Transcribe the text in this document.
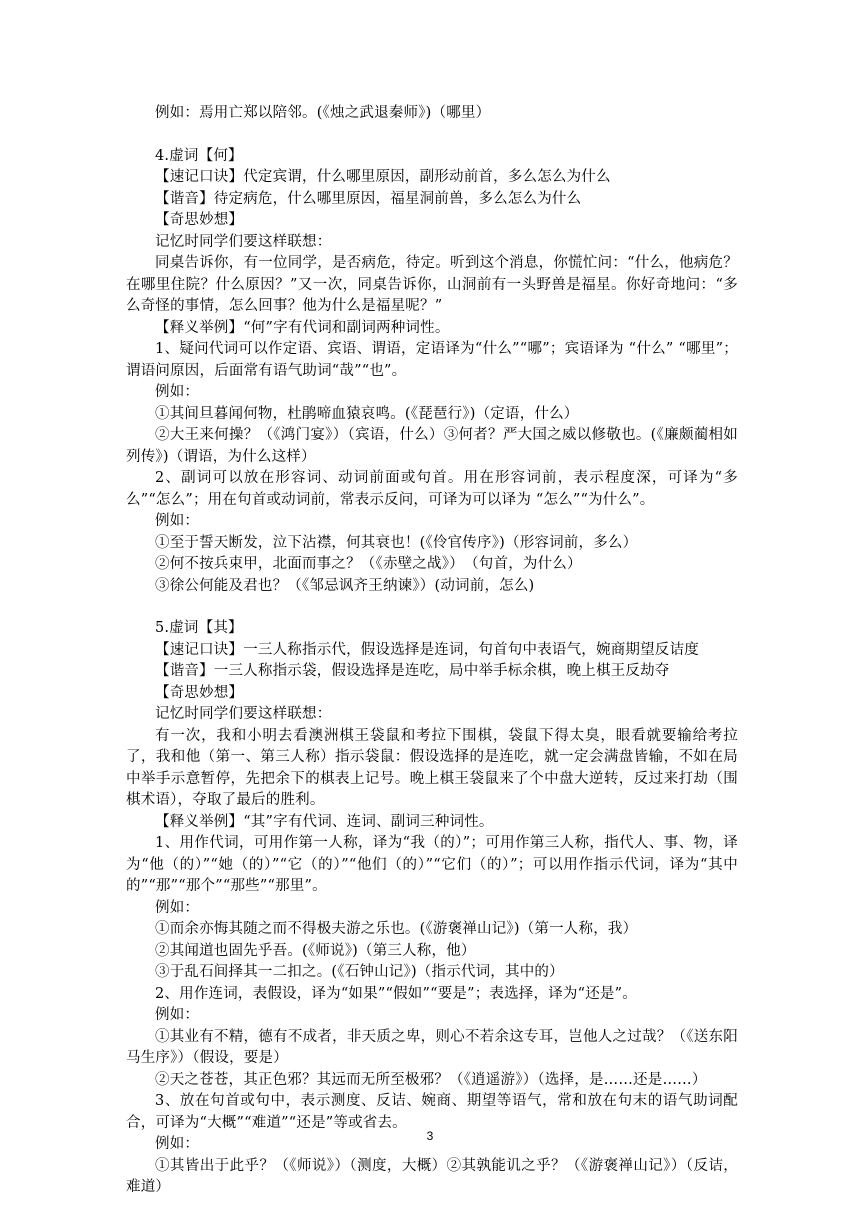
例如：焉用亡郑以陪邻。(《烛之武退秦师》)（哪里）

4.虚词【何】

【速记口诀】代定宾谓，什么哪里原因，副形动前首，多么怎么为什么

【谐音】待定病危，什么哪里原因，福星洞前兽，多么怎么为什么

【奇思妙想】

记忆时同学们要这样联想：

同桌告诉你，有一位同学，是否病危，待定。听到这个消息，你慌忙问：“什么，他病危？在哪里住院？什么原因？”又一次，同桌告诉你，山洞前有一头野兽是福星。你好奇地问：“多么奇怪的事情，怎么回事？他为什么是福星呢？”

【释义举例】“何”字有代词和副词两种词性。

1、疑问代词可以作定语、宾语、谓语，定语译为“什么”“哪”；宾语译为 “什么” “哪里”；谓语问原因，后面常有语气助词“哉”“也”。

例如：

①其间旦暮闻何物，杜鹃啼血猿哀鸣。(《琵琶行》)（定语，什么）

②大王来何操？（《鸿门宴》）（宾语，什么）③何者？严大国之威以修敬也。(《廉颇蔺相如列传》)（谓语，为什么这样）

2、副词可以放在形容词、动词前面或句首。用在形容词前，表示程度深，可译为“多么”“怎么”；用在句首或动词前，常表示反问，可译为可以译为 “怎么”“为什么”。

例如：

①至于誓天断发，泣下沾襟，何其衰也！(《伶官传序》)（形容词前，多么）

②何不按兵束甲，北面而事之？（《赤壁之战》）　（句首，为什么）

③徐公何能及君也？（《邹忌讽齐王纳谏》）(动词前，怎么)

5.虚词【其】

【速记口诀】一三人称指示代，假设选择是连词，句首句中表语气，婉商期望反诘度

【谐音】一三人称指示袋，假设选择是连吃，局中举手标余棋，晚上棋王反劫夺

【奇思妙想】

记忆时同学们要这样联想：

有一次，我和小明去看澳洲棋王袋鼠和考拉下围棋，袋鼠下得太臭，眼看就要输给考拉了，我和他（第一、第三人称）指示袋鼠：假设选择的是连吃，就一定会满盘皆输，不如在局中举手示意暂停，先把余下的棋表上记号。晚上棋王袋鼠来了个中盘大逆转，反过来打劫（围棋术语），夺取了最后的胜利。

【释义举例】“其”字有代词、连词、副词三种词性。

1、用作代词，可用作第一人称，译为“我（的）”；可用作第三人称，指代人、事、物，译为“他（的）”“她（的）”“它（的）”“他们（的）”“它们（的）”；可以用作指示代词，译为“其中的”“那”“那个”“那些”“那里”。

例如：

①而余亦悔其随之而不得极夫游之乐也。(《游褒禅山记》)（第一人称，我）

②其闻道也固先乎吾。(《师说》)（第三人称，他）

③于乱石间择其一二扣之。(《石钟山记》)（指示代词，其中的）

2、用作连词，表假设，译为“如果”“假如”“要是”；表选择，译为“还是”。

例如：

①其业有不精，德有不成者，非天质之卑，则心不若余这专耳，岂他人之过哉？（《送东阳马生序》）（假设，要是）

②天之苍苍，其正色邪？其远而无所至极邪？（《逍遥游》）（选择，是……还是……）

3、放在句首或句中，表示测度、反诘、婉商、期望等语气，常和放在句末的语气助词配合，可译为“大概”“难道”“还是”等或省去。

例如：

①其皆出于此乎？（《师说》）（测度，大概）②其孰能讥之乎？（《游褒禅山记》）（反诘，难道）

3
